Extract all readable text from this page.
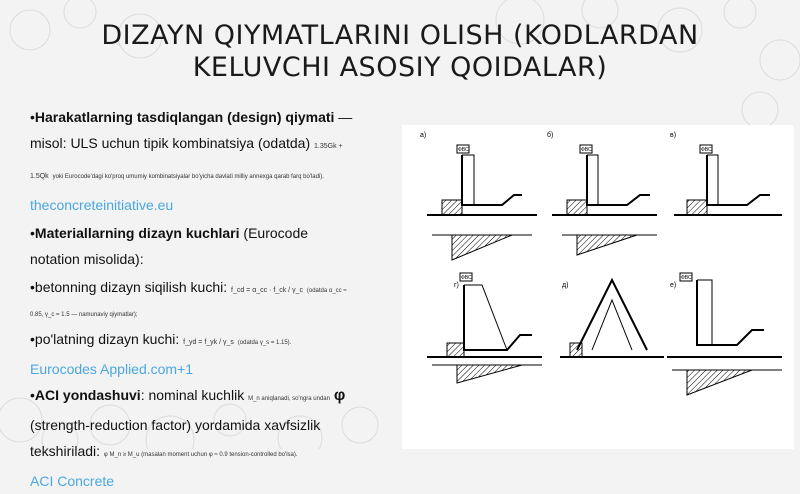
DIZAYN QIYMATLARINI OLISH (KODLARDAN KELUVCHI ASOSIY QOIDALAR)
•Harakatlarning tasdiqlangan (design) qiymati —
misol: ULS uchun tipik kombinatsiya (odatda) 1.35Gk +
1.5Qk yoki Eurocode'dagi ko'proq umumiy kombinatsiyalar bo'yicha davlati milliy annexga qarab farq bo'ladi).
theconcreteinitiative.eu
•Materiallarning dizayn kuchlari (Eurocode
notation misolida):
•betonning dizayn siqilish kuchi: f_cd = α_cc · f_ck / γ_c (odatda α_cc ≈
0.85, γ_c = 1.5 — namunaviy qiymatlar);
•po'latning dizayn kuchi: f_yd = f_yk / γ_s (odatda γ_s = 1.15).
Eurocodes Applied.com+1
•ACI yondashuvi: nominal kuchlik M_n aniqlanadi, so'ngra undan φ
(strength-reduction factor) yordamida xavfsizlik
tekshiriladi: φ M_n ≥ M_u (masalan moment uchun φ ≈ 0.9 tension-controlled bo'lsa).
ACI Concrete
a)
ФВС
б)
ФВС
в)
ФВС
г)
ФВС
д)	е)
ФВС
